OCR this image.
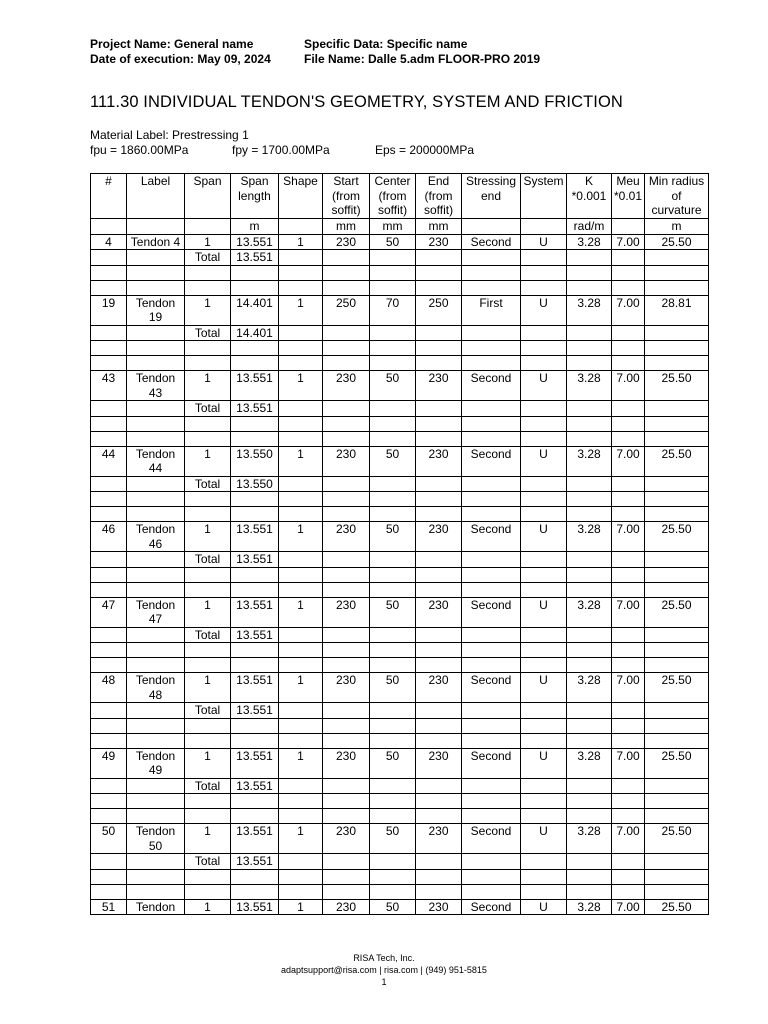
Project Name: General name
Date of execution: May 09, 2024
Specific Data: Specific name
File Name: Dalle 5.adm FLOOR-PRO 2019
111.30 INDIVIDUAL TENDON'S GEOMETRY, SYSTEM AND FRICTION
Material Label: Prestressing 1
fpu = 1860.00MPa	fpy = 1700.00MPa	Eps = 200000MPa
#	Label	Span	Span length	Shape	Start (from soffit)	Center (from soffit)	End (from soffit)	Stressing end	System	K *0.001	Meu *0.01	Min radius of curvature
			m		mm	mm	mm			rad/m		m
4	Tendon 4	1	13.551	1	230	50	230	Second	U	3.28	7.00	25.50
		Total	13.551									

19	Tendon 19	1	14.401	1	250	70	250	First	U	3.28	7.00	28.81
		Total	14.401									

43	Tendon 43	1	13.551	1	230	50	230	Second	U	3.28	7.00	25.50
		Total	13.551									

44	Tendon 44	1	13.550	1	230	50	230	Second	U	3.28	7.00	25.50
		Total	13.550									

46	Tendon 46	1	13.551	1	230	50	230	Second	U	3.28	7.00	25.50
		Total	13.551									

47	Tendon 47	1	13.551	1	230	50	230	Second	U	3.28	7.00	25.50
		Total	13.551									

48	Tendon 48	1	13.551	1	230	50	230	Second	U	3.28	7.00	25.50
		Total	13.551									

49	Tendon 49	1	13.551	1	230	50	230	Second	U	3.28	7.00	25.50
		Total	13.551									

50	Tendon 50	1	13.551	1	230	50	230	Second	U	3.28	7.00	25.50
		Total	13.551									

51	Tendon	1	13.551	1	230	50	230	Second	U	3.28	7.00	25.50
RISA Tech, Inc.
adaptsupport@risa.com | risa.com | (949) 951-5815
1
